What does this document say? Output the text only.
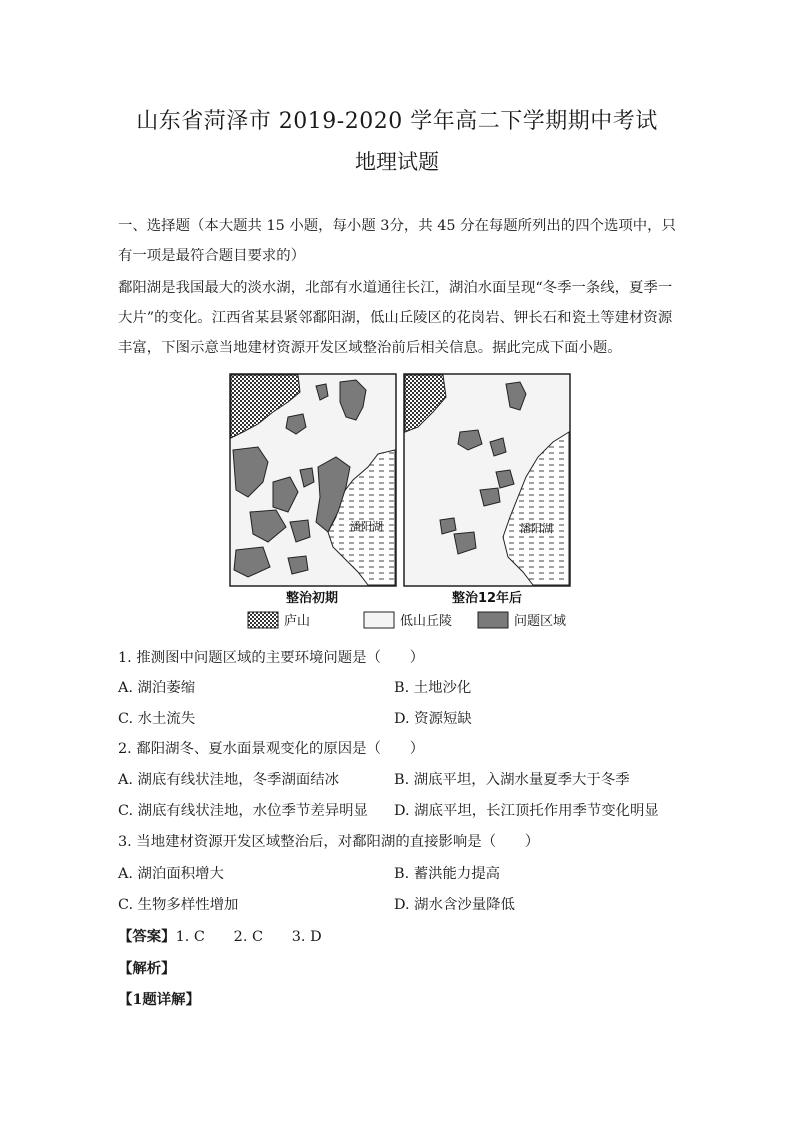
山东省菏泽市 2019-2020 学年高二下学期期中考试
地理试题
一、选择题（本大题共 15 小题，每小题 3分，共 45 分在每题所列出的四个选项中，只有一项是最符合题目要求的）
鄱阳湖是我国最大的淡水湖，北部有水道通往长江，湖泊水面呈现“冬季一条线，夏季一大片”的变化。江西省某县紧邻鄱阳湖，低山丘陵区的花岗岩、钾长石和瓷土等建材资源丰富，下图示意当地建材资源开发区域整治前后相关信息。据此完成下面小题。
潘阳湖	潘阳湖
整治初期	整治12年后
庐山	低山丘陵	问题区域
1. 推测图中问题区域的主要环境问题是（　　）
A. 湖泊萎缩	B. 土地沙化
C. 水土流失	D. 资源短缺
2. 鄱阳湖冬、夏水面景观变化的原因是（　　）
A. 湖底有线状洼地，冬季湖面结冰	B. 湖底平坦，入湖水量夏季大于冬季
C. 湖底有线状洼地，水位季节差异明显 D. 湖底平坦，长江顶托作用季节变化明显
3. 当地建材资源开发区域整治后，对鄱阳湖的直接影响是（　　）
A. 湖泊面积增大	B. 蓄洪能力提高
C. 生物多样性增加	D. 湖水含沙量降低
【答案】1. C　　2. C　　3. D
【解析】
【1题详解】
